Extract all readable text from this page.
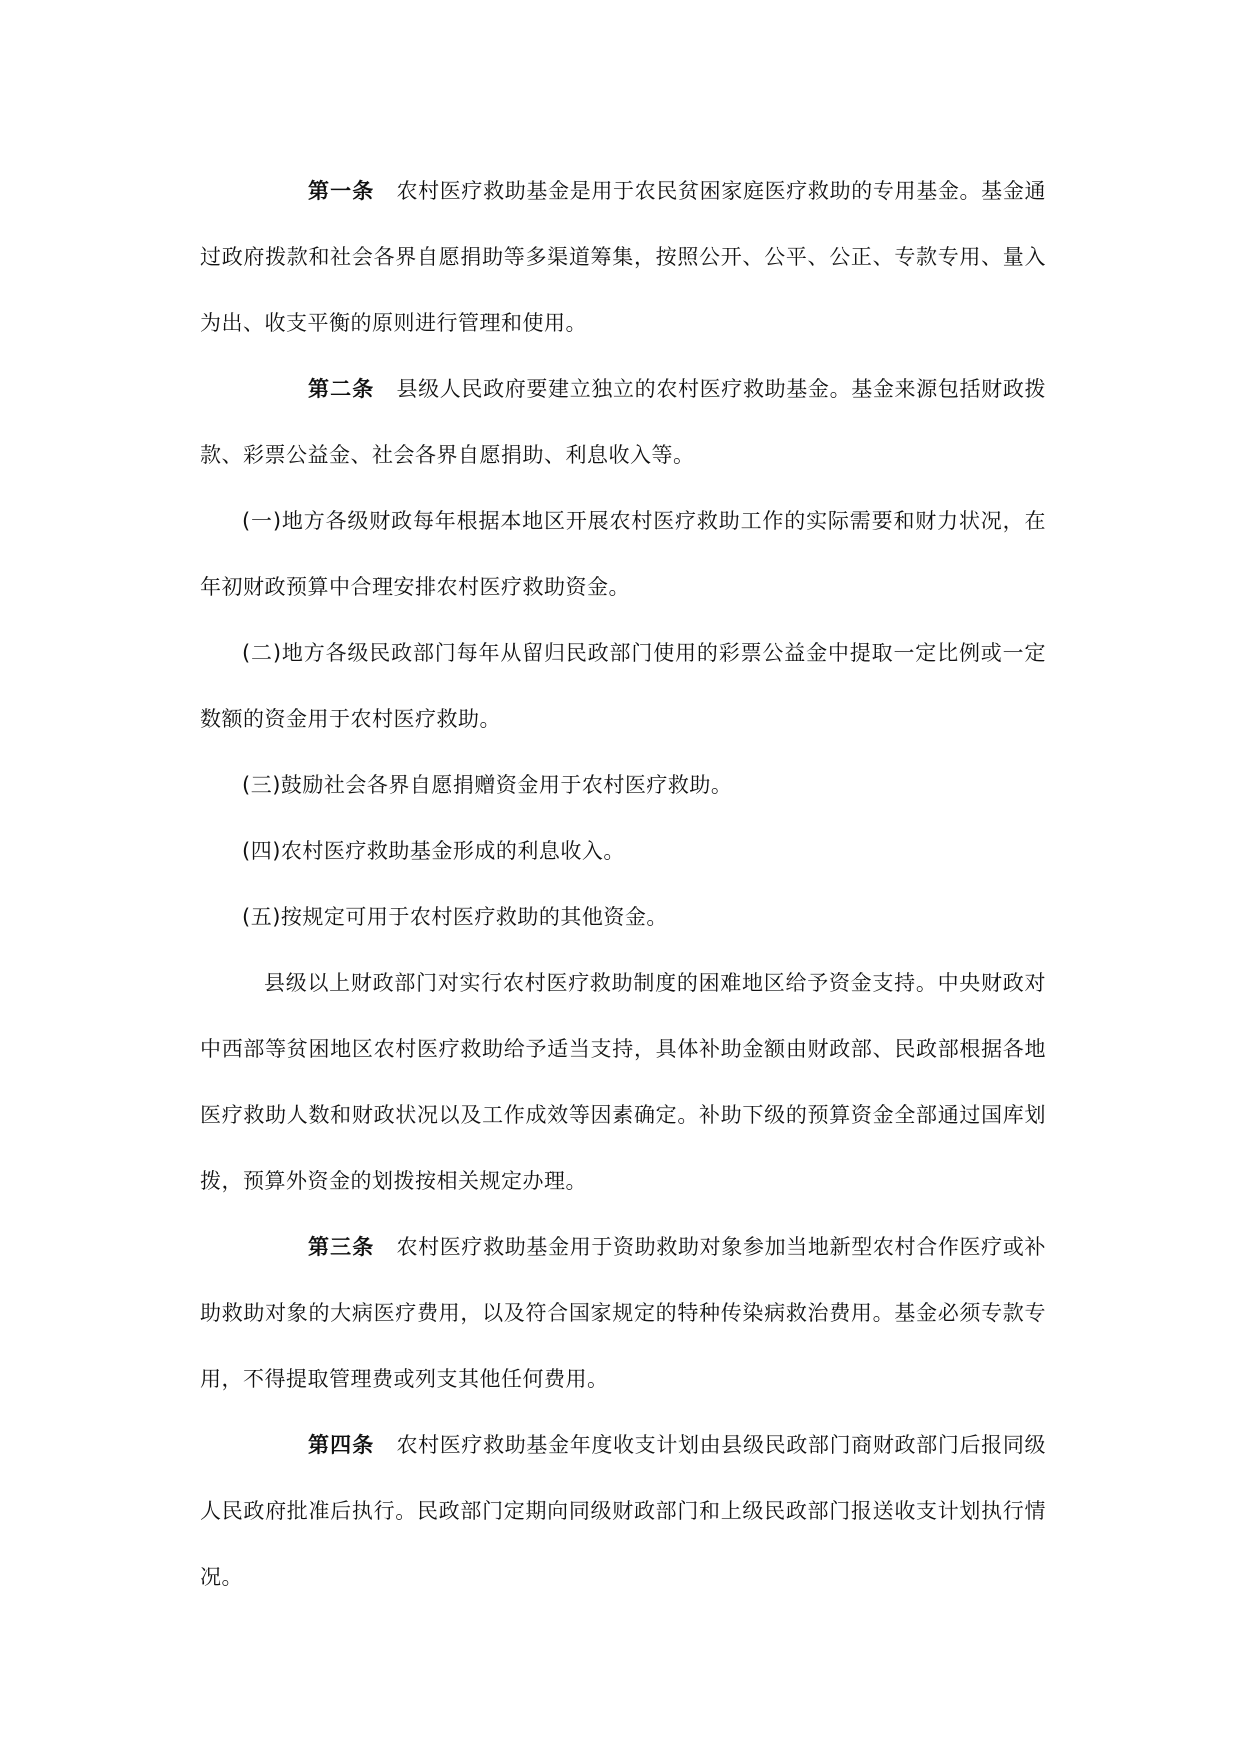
第一条 农村医疗救助基金是用于农民贫困家庭医疗救助的专用基金。基金通过政府拨款和社会各界自愿捐助等多渠道筹集，按照公开、公平、公正、专款专用、量入为出、收支平衡的原则进行管理和使用。

第二条 县级人民政府要建立独立的农村医疗救助基金。基金来源包括财政拨款、彩票公益金、社会各界自愿捐助、利息收入等。

(一)地方各级财政每年根据本地区开展农村医疗救助工作的实际需要和财力状况，在年初财政预算中合理安排农村医疗救助资金。

(二)地方各级民政部门每年从留归民政部门使用的彩票公益金中提取一定比例或一定数额的资金用于农村医疗救助。

(三)鼓励社会各界自愿捐赠资金用于农村医疗救助。

(四)农村医疗救助基金形成的利息收入。

(五)按规定可用于农村医疗救助的其他资金。

县级以上财政部门对实行农村医疗救助制度的困难地区给予资金支持。中央财政对中西部等贫困地区农村医疗救助给予适当支持，具体补助金额由财政部、民政部根据各地医疗救助人数和财政状况以及工作成效等因素确定。补助下级的预算资金全部通过国库划拨，预算外资金的划拨按相关规定办理。

第三条 农村医疗救助基金用于资助救助对象参加当地新型农村合作医疗或补助救助对象的大病医疗费用，以及符合国家规定的特种传染病救治费用。基金必须专款专用，不得提取管理费或列支其他任何费用。

第四条 农村医疗救助基金年度收支计划由县级民政部门商财政部门后报同级人民政府批准后执行。民政部门定期向同级财政部门和上级民政部门报送收支计划执行情况。
